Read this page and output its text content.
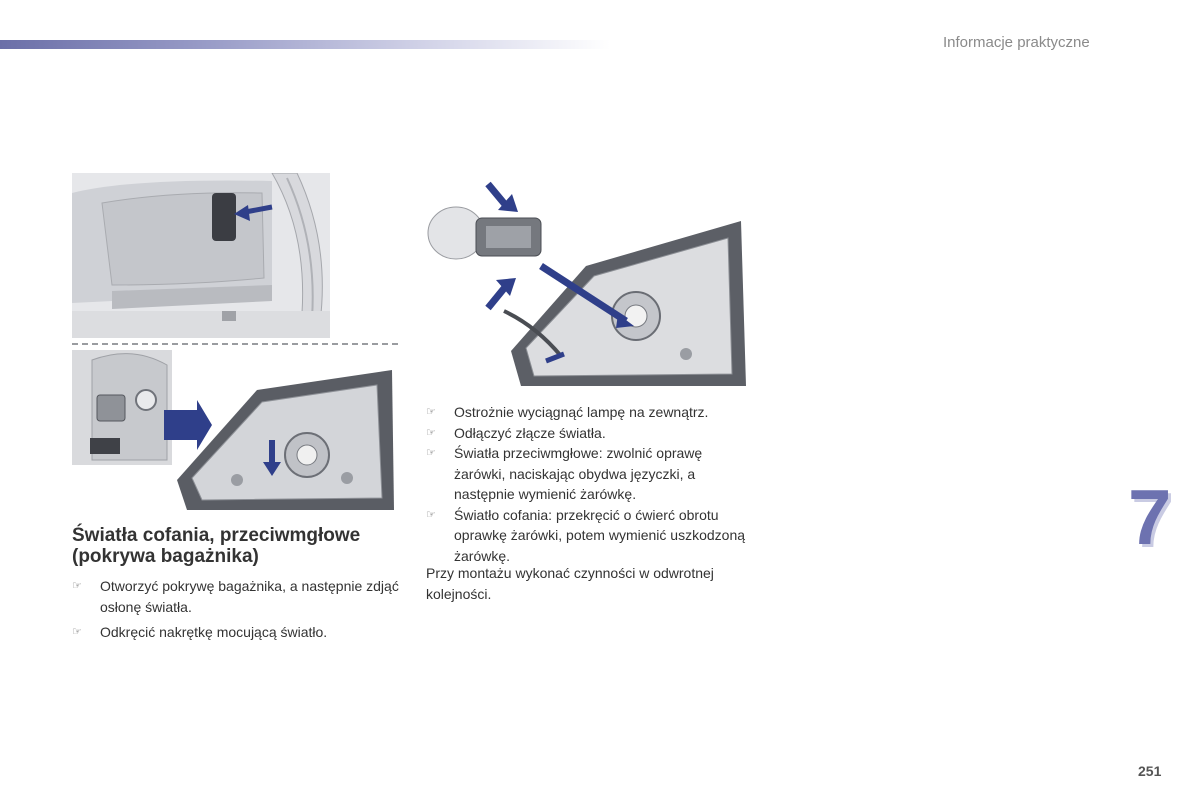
Informacje praktyczne
Światła cofania, przeciwmgłowe (pokrywa bagażnika)
☞ Otworzyć pokrywę bagażnika, a następnie zdjąć osłonę światła.
☞ Odkręcić nakrętkę mocującą światło.
☞ Ostrożnie wyciągnąć lampę na zewnątrz.
☞ Odłączyć złącze światła.
☞ Światła przeciwmgłowe: zwolnić oprawę żarówki, naciskając obydwa języczki, a następnie wymienić żarówkę.
☞ Światło cofania: przekręcić o ćwierć obrotu oprawkę żarówki, potem wymienić uszkodzoną żarówkę.
Przy montażu wykonać czynności w odwrotnej kolejności.
7
251
